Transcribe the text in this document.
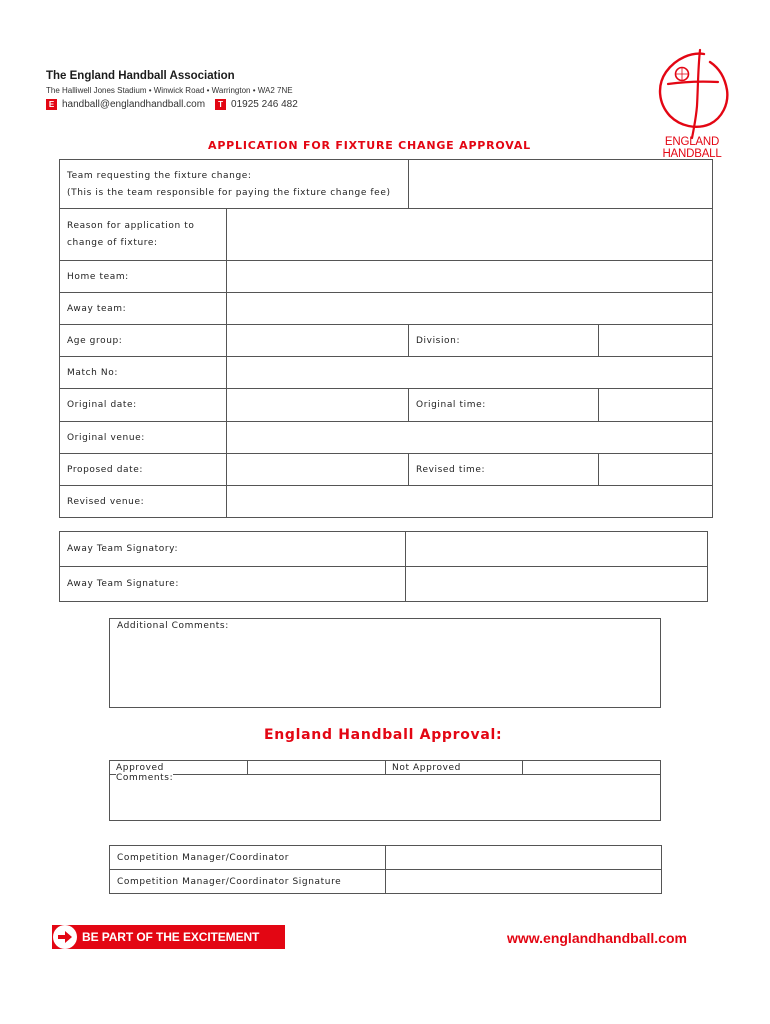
The England Handball Association
The Halliwell Jones Stadium • Winwick Road • Warrington • WA2 7NE
E handball@englandhandball.com	T 01925 246 482
ENGLAND
HANDBALL
APPLICATION FOR FIXTURE CHANGE APPROVAL
Team requesting the fixture change:
(This is the team responsible for paying the fixture change fee)			

Reason for application to
change of fixture:			

Home team:			
Away team:			
Age group:		Division:	
Match No:			
Original date:		Original time:	
Original venue:			
Proposed date:		Revised time:	
Revised venue:			
Away Team Signatory:	
Away Team Signature:	
Additional Comments:
England Handball Approval:
Approved	Not Approved
Comments:
Competition Manager/Coordinator	
Competition Manager/Coordinator Signature	
BE PART OF THE EXCITEMENT	www.englandhandball.com
